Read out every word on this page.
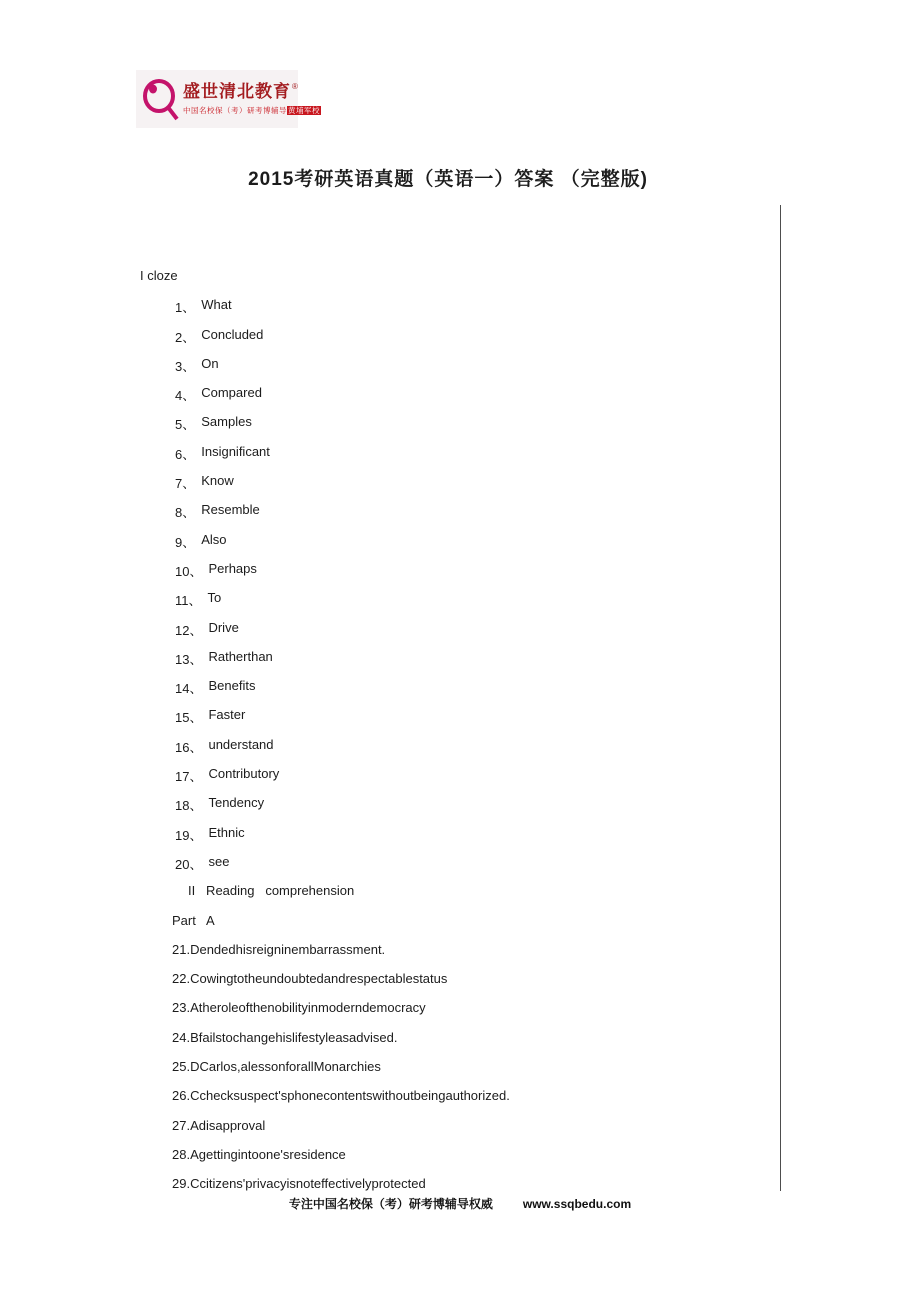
盛世清北教育 ®
中国名校保（考）研考博辅导黄埔军校
2015考研英语真题（英语一）答案 （完整版)
I cloze
1、 What
2、 Concluded
3、 On
4、 Compared
5、 Samples
6、 Insignificant
7、 Know
8、 Resemble
9、 Also
10、 Perhaps
11、 To
12、 Drive
13、 Ratherthan
14、 Benefits
15、 Faster
16、 understand
17、 Contributory
18、 Tendency
19、 Ethnic
20、 see
II   Reading   comprehension
Part   A
21.Dendedhisreigninembarrassment.
22.Cowingtotheundoubtedandrespectablestatus
23.Atheroleofthenobilityinmoderndemocracy
24.Bfailstochangehislifestyleasadvised.
25.DCarlos,alessonforallMonarchies
26.Cchecksuspect'sphonecontentswithoutbeingauthorized.
27.Adisapproval
28.Agettingintoone'sresidence
29.Ccitizens'privacyisnoteffectivelyprotected
专注中国名校保（考）研考博辅导权威	www.ssqbedu.com
